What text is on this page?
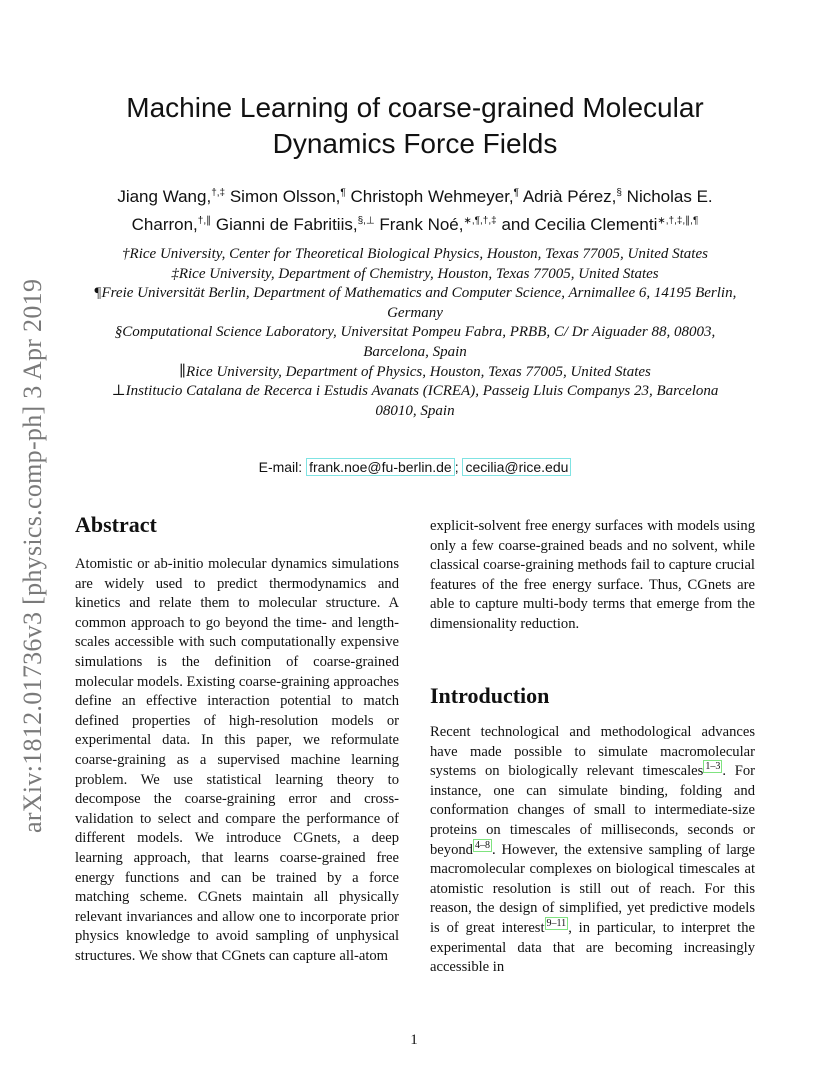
arXiv:1812.01736v3 [physics.comp-ph] 3 Apr 2019
Machine Learning of coarse-grained Molecular Dynamics Force Fields
Jiang Wang,†,‡ Simon Olsson,¶ Christoph Wehmeyer,¶ Adrià Pérez,§ Nicholas E. Charron,†,∥ Gianni de Fabritiis,§,⊥ Frank Noé,∗,¶,†,‡ and Cecilia Clementi∗,†,‡,∥,¶
†Rice University, Center for Theoretical Biological Physics, Houston, Texas 77005, United States
‡Rice University, Department of Chemistry, Houston, Texas 77005, United States
¶Freie Universität Berlin, Department of Mathematics and Computer Science, Arnimallee 6, 14195 Berlin, Germany
§Computational Science Laboratory, Universitat Pompeu Fabra, PRBB, C/ Dr Aiguader 88, 08003, Barcelona, Spain
∥Rice University, Department of Physics, Houston, Texas 77005, United States
⊥Institucio Catalana de Recerca i Estudis Avanats (ICREA), Passeig Lluis Companys 23, Barcelona 08010, Spain
E-mail: frank.noe@fu-berlin.de ; cecilia@rice.edu
Abstract
Atomistic or ab-initio molecular dynamics simulations are widely used to predict thermodynamics and kinetics and relate them to molecular structure. A common approach to go beyond the time- and length-scales accessible with such computationally expensive simulations is the definition of coarse-grained molecular models. Existing coarse-graining approaches define an effective interaction potential to match defined properties of high-resolution models or experimental data. In this paper, we reformulate coarse-graining as a supervised machine learning problem. We use statistical learning theory to decompose the coarse-graining error and cross-validation to select and compare the performance of different models. We introduce CGnets, a deep learning approach, that learns coarse-grained free energy functions and can be trained by a force matching scheme. CGnets maintain all physically relevant invariances and allow one to incorporate prior physics knowledge to avoid sampling of unphysical structures. We show that CGnets can capture all-atom
explicit-solvent free energy surfaces with models using only a few coarse-grained beads and no solvent, while classical coarse-graining methods fail to capture crucial features of the free energy surface. Thus, CGnets are able to capture multi-body terms that emerge from the dimensionality reduction.
Introduction
Recent technological and methodological advances have made possible to simulate macromolecular systems on biologically relevant timescales $^{1-3}$ . For instance, one can simulate binding, folding and conformation changes of small to intermediate-size proteins on timescales of milliseconds, seconds or beyond $^{4-8}$ . However, the extensive sampling of large macromolecular complexes on biological timescales at atomistic resolution is still out of reach. For this reason, the design of simplified, yet predictive models is of great interest $^{9-11}$ , in particular, to interpret the experimental data that are becoming increasingly accessible in
1
